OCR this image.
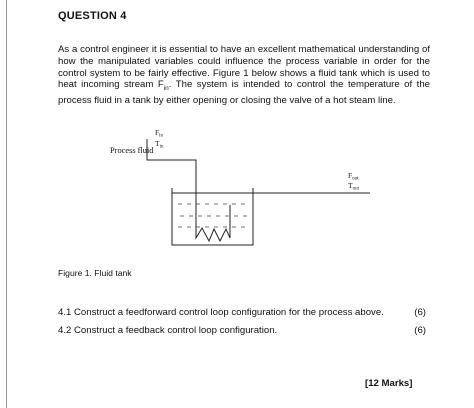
QUESTION 4

As a control engineer it is essential to have an excellent mathematical understanding of how the manipulated variables could influence the process variable in order for the control system to be fairly effective. Figure 1 below shows a fluid tank which is used to heat incoming stream $F_{in}$. The system is intended to control the temperature of the process fluid in a tank by either opening or closing the valve of a hot steam line.

Process fluid
$F_{in}$
$T_{in}$
$F_{out}$
$T_{out}$

Figure 1. Fluid tank

4.1 Construct a feedforward control loop configuration for the process above.	(6)
4.2 Construct a feedback control loop configuration.	(6)

[12 Marks]
